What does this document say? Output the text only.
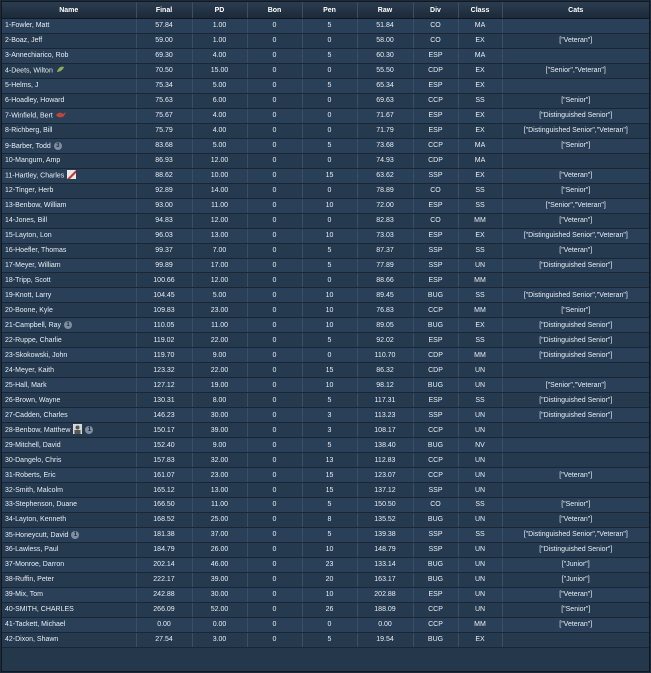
Name	Final	PD	Bon	Pen	Raw	Div	Class	Cats
1-Fowler, Matt	57.84	1.00	0	5	51.84	CO	MA	
2-Boaz, Jeff	59.00	1.00	0	0	58.00	CO	EX	["Veteran"]
3-Annechiarico, Rob	69.30	4.00	0	5	60.30	ESP	MA	
4-Deets, Wilton	70.50	15.00	0	0	55.50	CDP	EX	["Senior","Veteran"]
5-Helms, J	75.34	5.00	0	5	65.34	ESP	EX	
6-Hoadley, Howard	75.63	6.00	0	0	69.63	CCP	SS	["Senior"]
7-Winfield, Bert	75.67	4.00	0	0	71.67	ESP	EX	["Distinguished Senior"]
8-Richberg, Bill	75.79	4.00	0	0	71.79	ESP	EX	["Distinguished Senior","Veteran"]
9-Barber, Todd 3	83.68	5.00	0	5	73.68	CCP	MA	["Senior"]
10-Mangum, Amp	86.93	12.00	0	0	74.93	CDP	MA	
11-Hartley, Charles	88.62	10.00	0	15	63.62	SSP	EX	["Veteran"]
12-Tinger, Herb	92.89	14.00	0	0	78.89	CO	SS	["Senior"]
13-Benbow, William	93.00	11.00	0	10	72.00	ESP	SS	["Senior","Veteran"]
14-Jones, Bill	94.83	12.00	0	0	82.83	CO	MM	["Veteran"]
15-Layton, Lon	96.03	13.00	0	10	73.03	ESP	EX	["Distinguished Senior","Veteran"]
16-Hoefler, Thomas	99.37	7.00	0	5	87.37	SSP	SS	["Veteran"]
17-Meyer, William	99.89	17.00	0	5	77.89	SSP	UN	["Distinguished Senior"]
18-Tripp, Scott	100.66	12.00	0	0	88.66	ESP	MM	
19-Knott, Larry	104.45	5.00	0	10	89.45	BUG	SS	["Distinguished Senior","Veteran"]
20-Boone, Kyle	109.83	23.00	0	10	76.83	CCP	MM	["Senior"]
21-Campbell, Ray 1	110.05	11.00	0	10	89.05	BUG	EX	["Distinguished Senior"]
22-Ruppe, Charlie	119.02	22.00	0	5	92.02	ESP	SS	["Distinguished Senior"]
23-Skokowski, John	119.70	9.00	0	0	110.70	CDP	MM	["Distinguished Senior"]
24-Meyer, Kaith	123.32	22.00	0	15	86.32	CDP	UN	
25-Hall, Mark	127.12	19.00	0	10	98.12	BUG	UN	["Senior","Veteran"]
26-Brown, Wayne	130.31	8.00	0	5	117.31	ESP	SS	["Distinguished Senior"]
27-Cadden, Charles	146.23	30.00	0	3	113.23	SSP	UN	["Distinguished Senior"]
28-Benbow, Matthew 1	150.17	39.00	0	3	108.17	CCP	UN	
29-Mitchell, David	152.40	9.00	0	5	138.40	BUG	NV	
30-Dangelo, Chris	157.83	32.00	0	13	112.83	CCP	UN	
31-Roberts, Eric	161.07	23.00	0	15	123.07	CCP	UN	["Veteran"]
32-Smith, Malcolm	165.12	13.00	0	15	137.12	SSP	UN	
33-Stephenson, Duane	166.50	11.00	0	5	150.50	CO	SS	["Senior"]
34-Layton, Kenneth	168.52	25.00	0	8	135.52	BUG	UN	["Veteran"]
35-Honeycutt, David 1	181.38	37.00	0	5	139.38	SSP	SS	["Distinguished Senior","Veteran"]
36-Lawless, Paul	184.79	26.00	0	10	148.79	SSP	UN	["Distinguished Senior"]
37-Monroe, Darron	202.14	46.00	0	23	133.14	BUG	UN	["Junior"]
38-Ruffin, Peter	222.17	39.00	0	20	163.17	BUG	UN	["Junior"]
39-Mix, Tom	242.88	30.00	0	10	202.88	ESP	UN	["Veteran"]
40-SMITH, CHARLES	266.09	52.00	0	26	188.09	CCP	UN	["Senior"]
41-Tackett, Michael	0.00	0.00	0	0	0.00	CCP	MM	["Veteran"]
42-Dixon, Shawn	27.54	3.00	0	5	19.54	BUG	EX	
